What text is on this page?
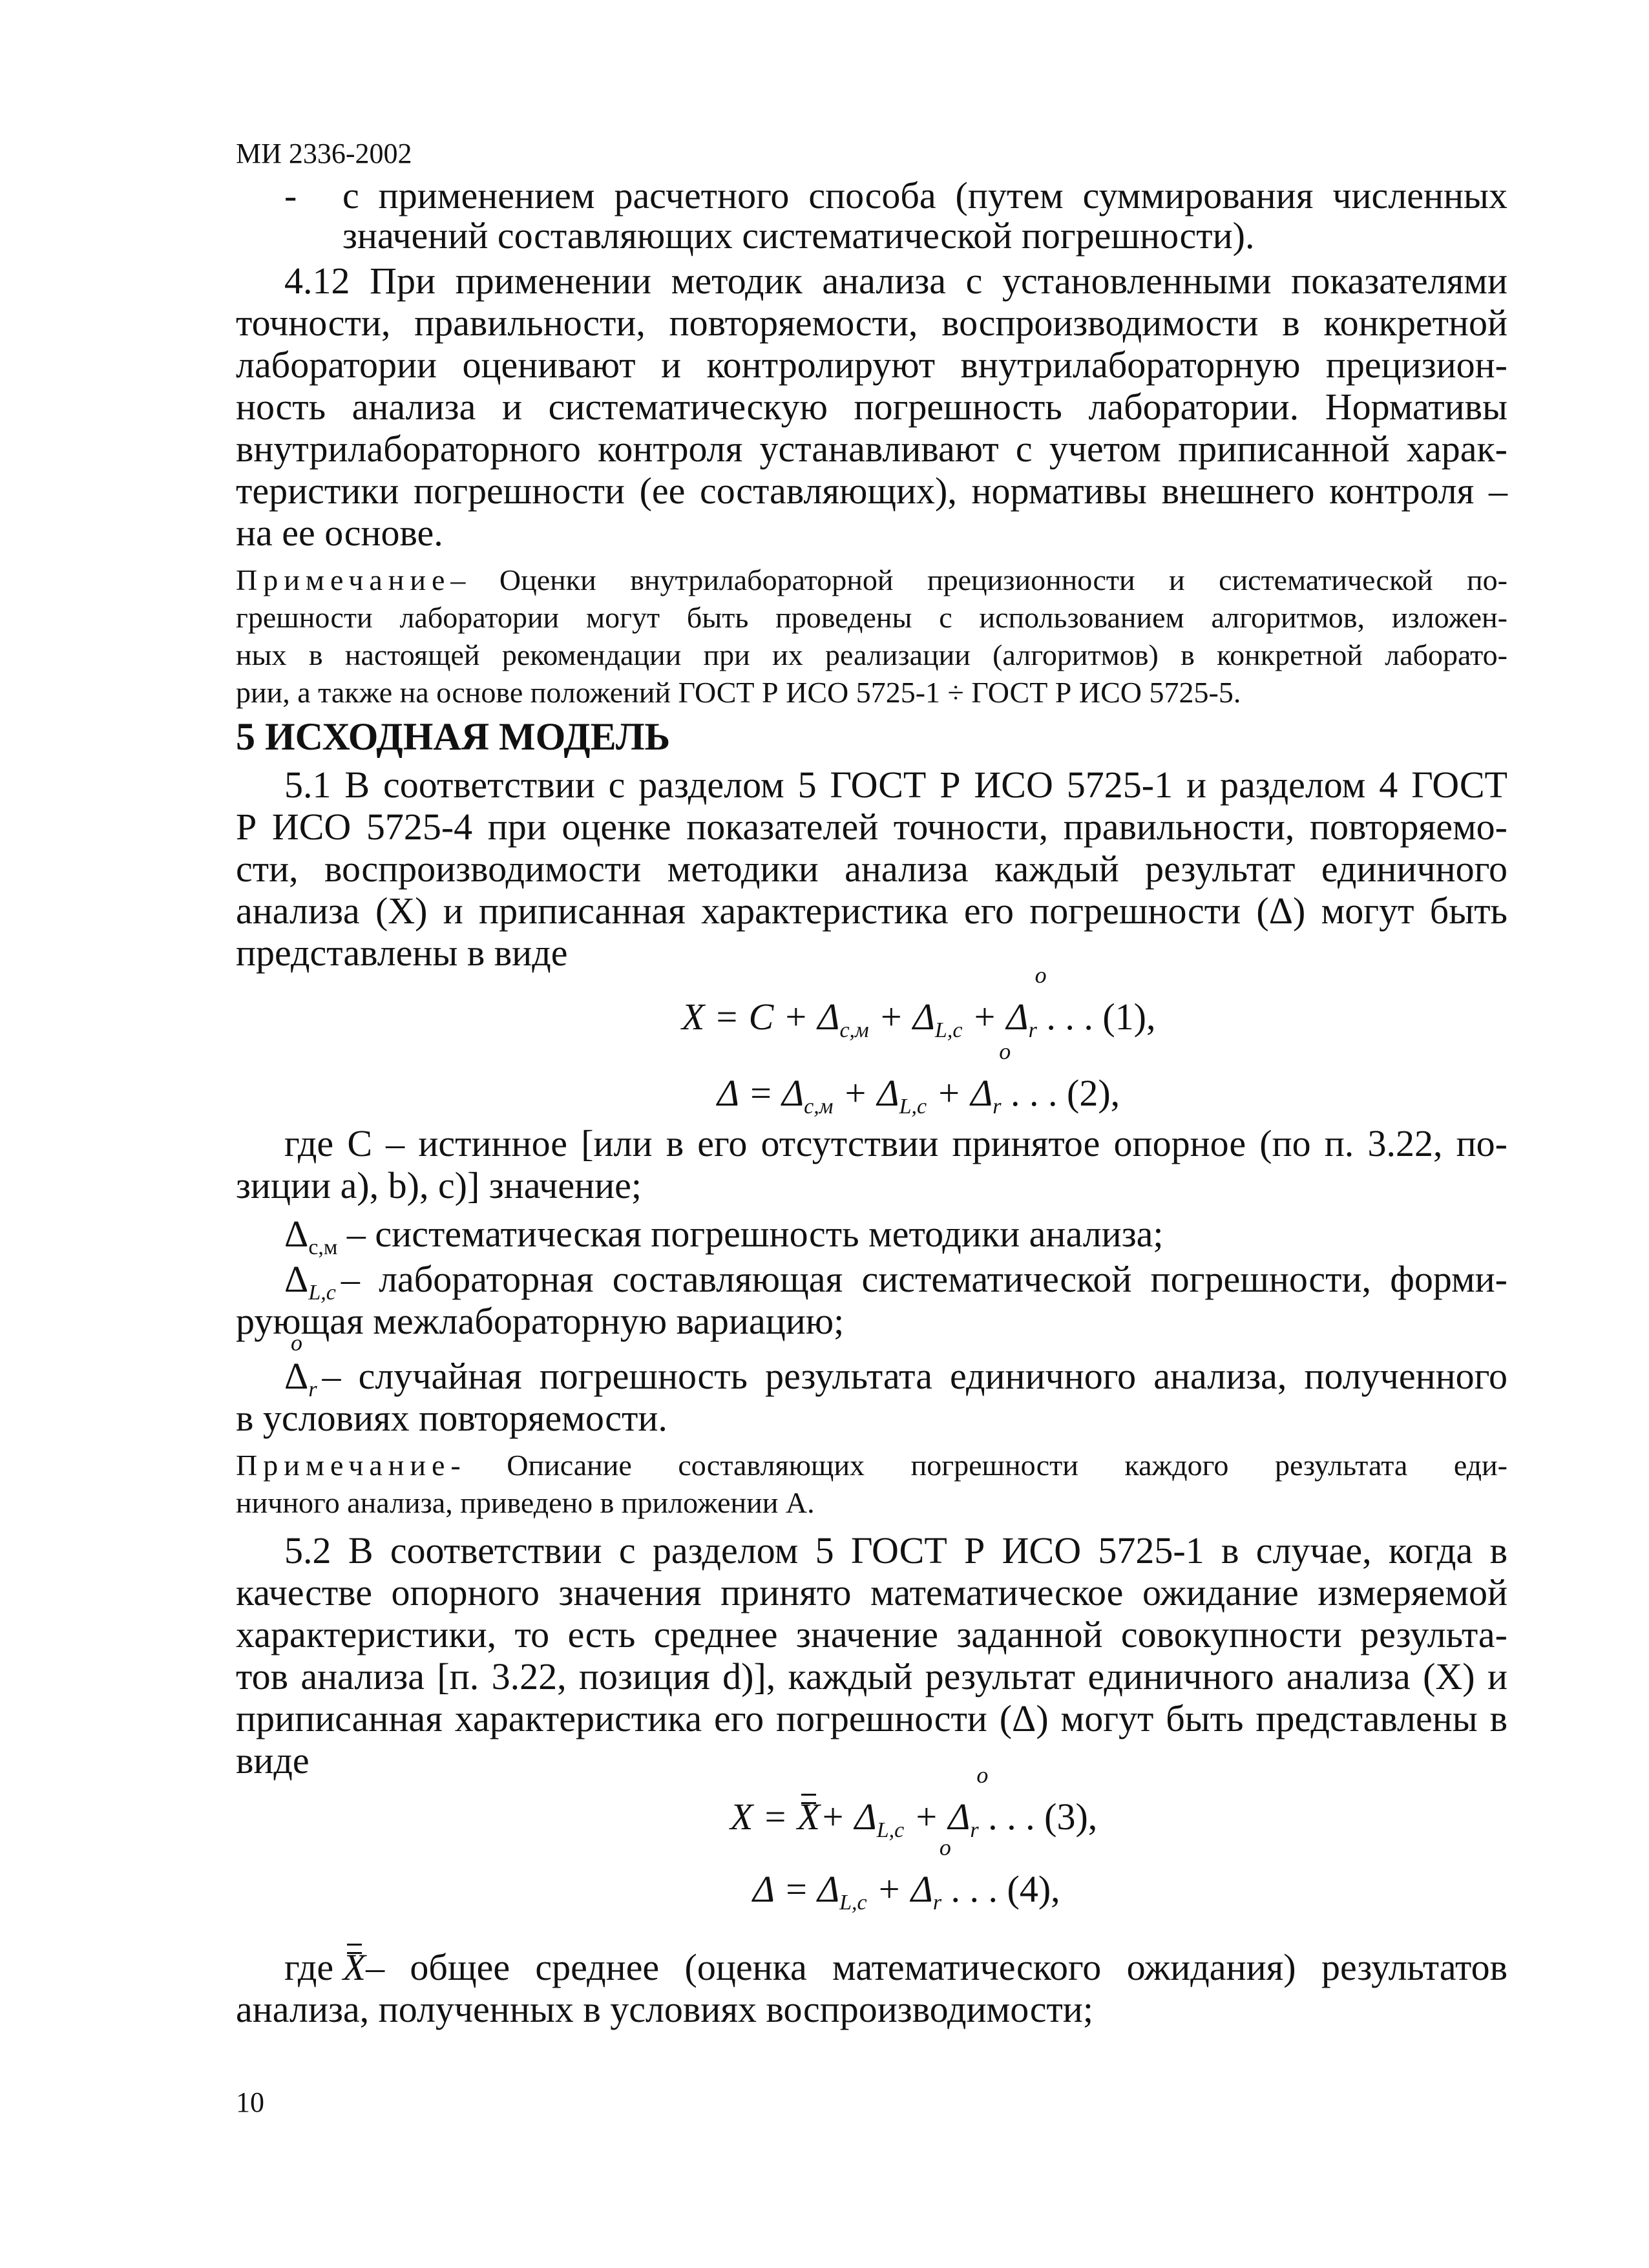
МИ 2336-2002
- с применением расчетного способа (путем суммирования численных
значений составляющих систематической погрешности).
4.12 При применении методик анализа с установленными показателями
точности, правильности, повторяемости, воспроизводимости в конкретной
лаборатории оценивают и контролируют внутрилабораторную прецизион-
ность анализа и систематическую погрешность лаборатории. Нормативы
внутрилабораторного контроля устанавливают с учетом приписанной харак-
теристики погрешности (ее составляющих), нормативы внешнего контроля –
на ее основе.
Примечание – Оценки внутрилабораторной прецизионности и систематической по-
грешности лаборатории могут быть проведены с использованием алгоритмов, изложен-
ных в настоящей рекомендации при их реализации (алгоритмов) в конкретной лаборато-
рии, а также на основе положений ГОСТ Р ИСО 5725-1 ÷ ГОСТ Р ИСО 5725-5.
5 ИСХОДНАЯ МОДЕЛЬ
5.1 В соответствии с разделом 5 ГОСТ Р ИСО 5725-1 и разделом 4 ГОСТ
Р ИСО 5725-4 при оценке показателей точности, правильности, повторяемо-
сти, воспроизводимости методики анализа каждый результат единичного
анализа (X) и приписанная характеристика его погрешности (Δ) могут быть
представлены в виде
$X = C + \Delta_{с,м} + \Delta_{L,c} + \Delta o$ $_r$ . . . (1),
$\Delta = \Delta_{с,м} + \Delta_{L,c} + \Delta o$ $_r$ . . . (2),
где С – истинное [или в его отсутствии принятое опорное (по п. 3.22, по-
зиции а), b), c)] значение;
$\Delta_{с,м}$ – систематическая погрешность методики анализа;
$\Delta_{L,c}$ – лабораторная составляющая систематической погрешности, форми-
рующая межлабораторную вариацию;
o $\Delta_r$ – случайная погрешность результата единичного анализа, полученного
в условиях повторяемости.
Примечание - Описание составляющих погрешности каждого результата еди-
ничного анализа, приведено в приложении А.
5.2 В соответствии с разделом 5 ГОСТ Р ИСО 5725-1 в случае, когда в
качестве опорного значения принято математическое ожидание измеряемой
характеристики, то есть среднее значение заданной совокупности результа-
тов анализа [п. 3.22, позиция d)], каждый результат единичного анализа (X) и
приписанная характеристика его погрешности (Δ) могут быть представлены в
виде
$X = X+ \Delta_{L,c} + \Delta o$ $_r$ . . . (3),
$\Delta = \Delta_{L,c} + \Delta o$ $_r$ . . . (4),
где X – общее среднее (оценка математического ожидания) результатов
анализа, полученных в условиях воспроизводимости;
10
